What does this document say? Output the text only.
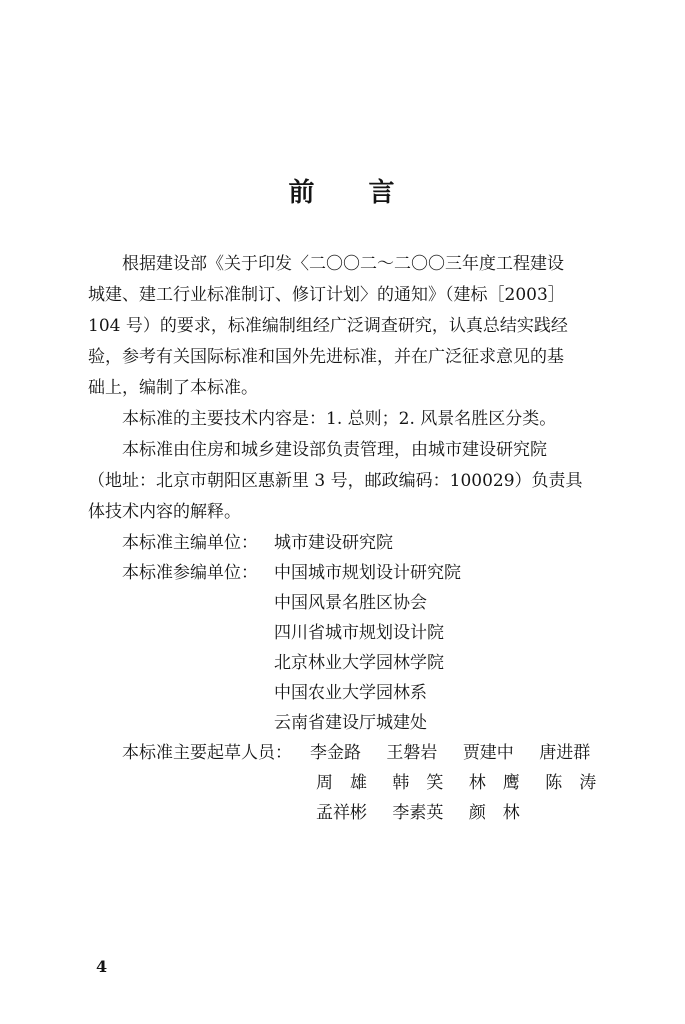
前 言

根据建设部《关于印发〈二〇〇二～二〇〇三年度工程建设
城建、建工行业标准制订、修订计划〉的通知》（建标［2003］
104 号）的要求，标准编制组经广泛调查研究，认真总结实践经
验，参考有关国际标准和国外先进标准，并在广泛征求意见的基
础上，编制了本标准。

本标准的主要技术内容是：1. 总则；2. 风景名胜区分类。

本标准由住房和城乡建设部负责管理，由城市建设研究院
（地址：北京市朝阳区惠新里 3 号，邮政编码：100029）负责具
体技术内容的解释。

本标准主编单位： 城市建设研究院
本标准参编单位： 中国城市规划设计研究院
中国风景名胜区协会
四川省城市规划设计院
北京林业大学园林学院
中国农业大学园林系
云南省建设厅城建处
本标准主要起草人员： 李金路 王磐岩 贾建中 唐进群
周　雄 韩　笑 林　鹰 陈　涛
孟祥彬 李素英 颜　林
4
